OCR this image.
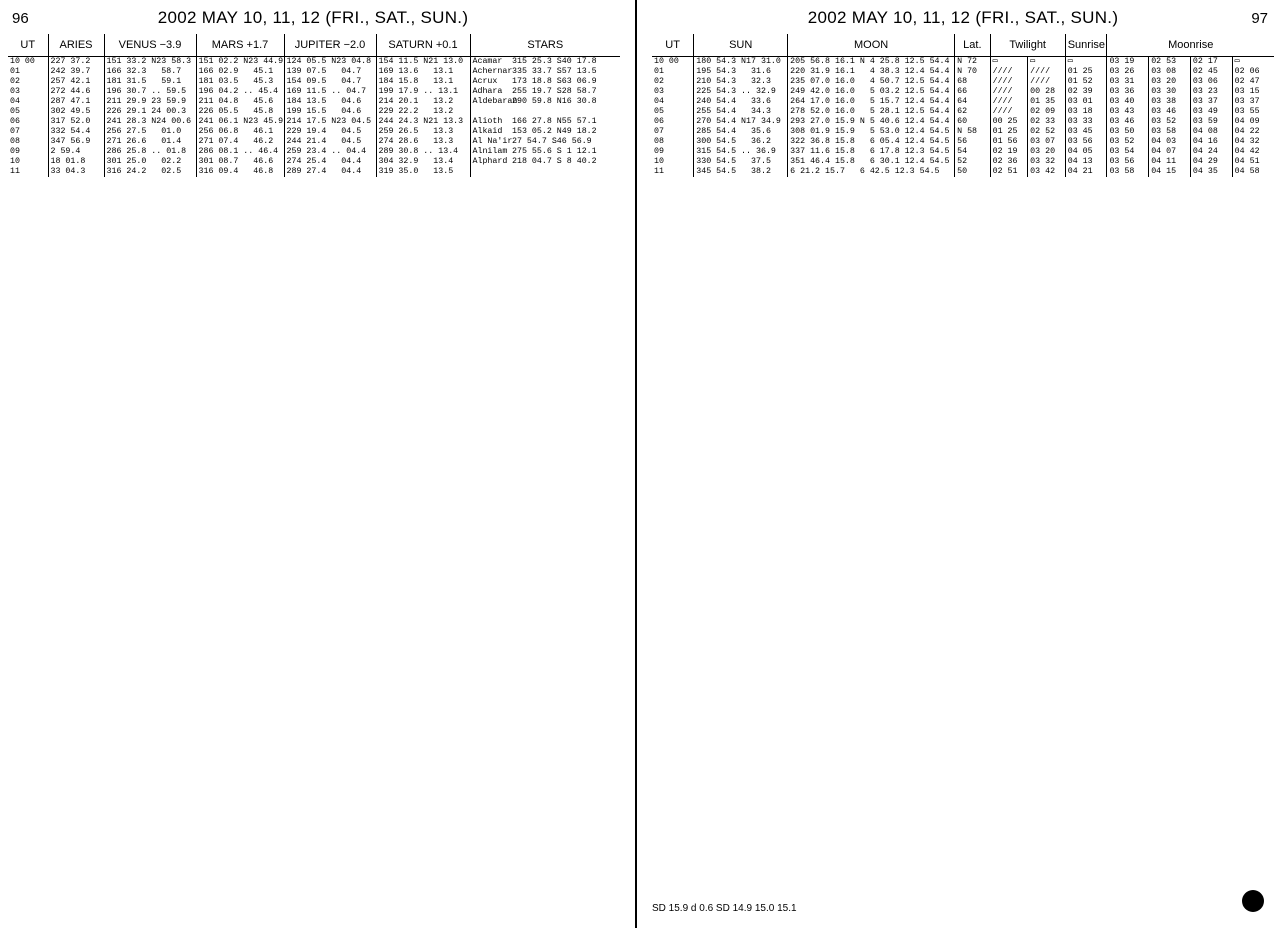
96	2002 MAY 10, 11, 12 (FRI., SAT., SUN.)
UT	ARIES	VENUS −3.9	MARS +1.7	JUPITER −2.0	SATURN +0.1	STARS	
10 00	227 37.2	151 33.2 N23 58.3	151 02.2 N23 44.9	124 05.5 N23 04.8	154 11.5 N21 13.0	Acamar	315 25.3 S40 17.8
01	242 39.7	166 32.3   58.7	166 02.9   45.1	139 07.5   04.7	169 13.6   13.1	Achernar	335 33.7 S57 13.5
02	257 42.1	181 31.5   59.1	181 03.5   45.3	154 09.5   04.7	184 15.8   13.1	Acrux	173 18.8 S63 06.9
03	272 44.6	196 30.7 .. 59.5	196 04.2 .. 45.4	169 11.5 .. 04.7	199 17.9 .. 13.1	Adhara	255 19.7 S28 58.7
04	287 47.1	211 29.9 23 59.9	211 04.8   45.6	184 13.5   04.6	214 20.1   13.2	Aldebaran	290 59.8 N16 30.8
05	302 49.5	226 29.1 24 00.3	226 05.5   45.8	199 15.5   04.6	229 22.2   13.2		
06	317 52.0	241 28.3 N24 00.6	241 06.1 N23 45.9	214 17.5 N23 04.5	244 24.3 N21 13.3	Alioth	166 27.8 N55 57.1
07	332 54.4	256 27.5   01.0	256 06.8   46.1	229 19.4   04.5	259 26.5   13.3	Alkaid	153 05.2 N49 18.2
08	347 56.9	271 26.6   01.4	271 07.4   46.2	244 21.4   04.5	274 28.6   13.3	Al Na'ir	27 54.7 S46 56.9
09	2 59.4	286 25.8 .. 01.8	286 08.1 .. 46.4	259 23.4 .. 04.4	289 30.8 .. 13.4	Alnilam	275 55.6 S 1 12.1
10	18 01.8	301 25.0   02.2	301 08.7   46.6	274 25.4   04.4	304 32.9   13.4	Alphard	218 04.7 S 8 40.2
11	33 04.3	316 24.2   02.5	316 09.4   46.8	289 27.4   04.4	319 35.0   13.5		
2002 MAY 10, 11, 12 (FRI., SAT., SUN.)	97
UT	SUN	MOON	Lat.	Twilight		Sunrise	Moonrise			
10 00	180 54.3 N17 31.0	205 56.8 16.1 N 4 25.8 12.5 54.4	N 72	▭	▭	▭	03 19	02 53	02 17	▭
01	195 54.3   31.6	220 31.9 16.1   4 38.3 12.4 54.4	N 70	////	////	01 25	03 26	03 08	02 45	02 06
02	210 54.3   32.3	235 07.0 16.0   4 50.7 12.5 54.4	68	////	////	01 52	03 31	03 20	03 06	02 47
03	225 54.3 .. 32.9	249 42.0 16.0   5 03.2 12.5 54.4	66	////	00 28	02 39	03 36	03 30	03 23	03 15
04	240 54.4   33.6	264 17.0 16.0   5 15.7 12.4 54.4	64	////	01 35	03 01	03 40	03 38	03 37	03 37
05	255 54.4   34.3	278 52.0 16.0   5 28.1 12.5 54.4	62	////	02 09	03 18	03 43	03 46	03 49	03 55
06	270 54.4 N17 34.9	293 27.0 15.9 N 5 40.6 12.4 54.4	60	00 25	02 33	03 33	03 46	03 52	03 59	04 09
07	285 54.4   35.6	308 01.9 15.9   5 53.0 12.4 54.5	N 58	01 25	02 52	03 45	03 50	03 58	04 08	04 22
08	300 54.5   36.2	322 36.8 15.8   6 05.4 12.4 54.5	56	01 56	03 07	03 56	03 52	04 03	04 16	04 32
09	315 54.5 .. 36.9	337 11.6 15.8   6 17.8 12.3 54.5	54	02 19	03 20	04 05	03 54	04 07	04 24	04 42
10	330 54.5   37.5	351 46.4 15.8   6 30.1 12.4 54.5	52	02 36	03 32	04 13	03 56	04 11	04 29	04 51
11	345 54.5   38.2	6 21.2 15.7   6 42.5 12.3 54.5	50	02 51	03 42	04 21	03 58	04 15	04 35	04 58
SD 15.9 d 0.6 SD 14.9 15.0 15.1
